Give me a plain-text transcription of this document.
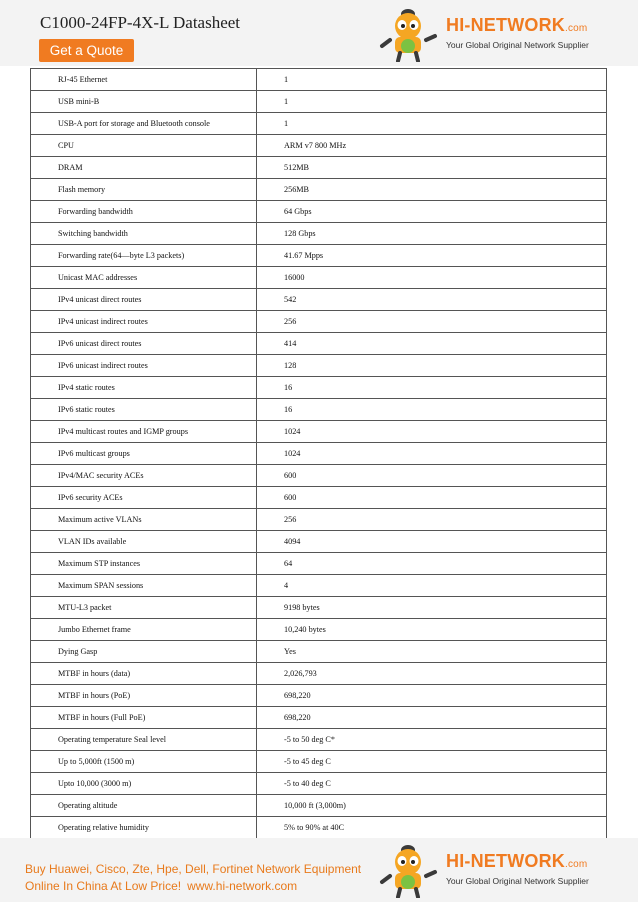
C1000-24FP-4X-L Datasheet
Get a Quote
HI-NETWORK.com
Your Global Original Network Supplier
RJ-45 Ethernet	1
USB mini-B	1
USB-A port for storage and Bluetooth console	1
CPU	ARM v7 800 MHz
DRAM	512MB
Flash memory	256MB
Forwarding bandwidth	64 Gbps
Switching bandwidth	128 Gbps
Forwarding rate(64—byte L3 packets)	41.67 Mpps
Unicast MAC addresses	16000
IPv4 unicast direct routes	542
IPv4 unicast indirect routes	256
IPv6 unicast direct routes	414
IPv6 unicast indirect routes	128
IPv4 static routes	16
IPv6 static routes	16
IPv4 multicast routes and IGMP groups	1024
IPv6 multicast groups	1024
IPv4/MAC security ACEs	600
IPv6 security ACEs	600
Maximum active VLANs	256
VLAN IDs available	4094
Maximum STP instances	64
Maximum SPAN sessions	4
MTU-L3 packet	9198 bytes
Jumbo Ethernet frame	10,240 bytes
Dying Gasp	Yes
MTBF in hours (data)	2,026,793
MTBF in hours (PoE)	698,220
MTBF in hours (Full PoE)	698,220
Operating temperature Seal level	-5 to 50 deg C*
Up to 5,000ft (1500 m)	-5 to 45 deg C
Upto 10,000 (3000 m)	-5 to 40 deg C
Operating altitude	10,000 ft (3,000m)
Operating relative humidity	5% to 90% at 40C
Buy Huawei, Cisco, Zte, Hpe, Dell, Fortinet Network Equipment
Online In China At Low Price! www.hi-network.com
HI-NETWORK.com
Your Global Original Network Supplier
